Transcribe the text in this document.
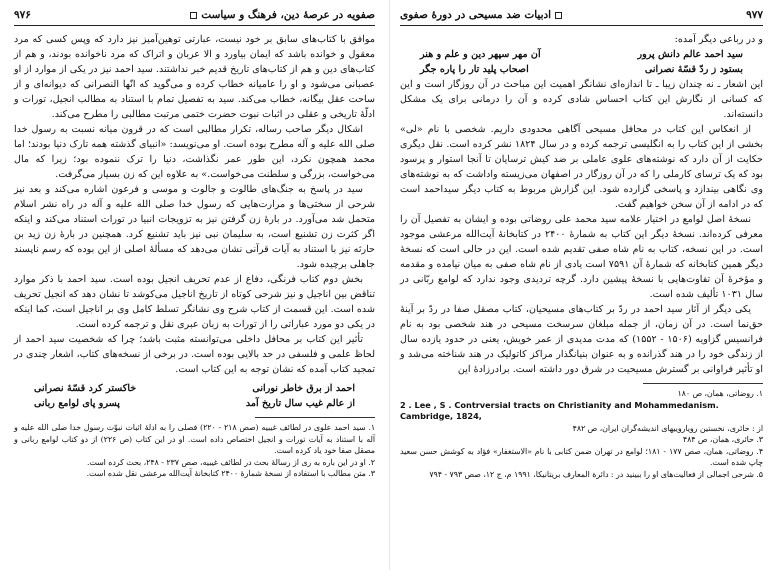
صفویه در عرصهٔ دین، فرهنگ و سیاست
۹۷۶

موافق با کتاب‌های سابق بر خود نیست، عبارتی توهین‌آمیز نیز دارد که وپس کسی که مرد معقول و خوانده باشد که ایمان بیاورد و الا عربان و اتراک که مرد ناخوانده بودند، و هم از کتاب‌های دین و هم از کتاب‌های تاریخ قدیم خبر نداشتند. سید احمد نیز در یکی از موارد از او عصبانی می‌شود و او را عامیانه خطاب کرده و می‌گوید که انّها النصرانی که دیوانه‌ای و از ساحت عقل بیگانه، خطاب می‌کند. سید به تفصیل تمام با استناد به مطالب انجیل، تورات و ادلّهٔ تاریخی و عقلی در اثبات نبوت حضرت ختمی مرتبت مطالبی را مطرح می‌کند.

اشکال دیگر صاحب رساله، تکرار مطالبی است که در قرون میانه نسبت به رسول خدا صلی الله علیه و آله مطرح بوده است. او می‌نویسد: «انبیای گذشته همه تارک دنیا بودند؛ اما محمد همچون نکرد، این طور عمر نگذاشت، دنیا را ترک ننموده بود؛ زیرا که مال می‌خواست، بزرگی و سلطنت می‌خواست.» به علاوه این که زن بسیار می‌گرفت.

سید در پاسخ به جنگ‌های طالوت و جالوت و موسی و فرعون اشاره می‌کند و بعد نیز شرحی از سختی‌ها و مرارت‌هایی که رسول خدا صلی الله علیه و آله در راه نشر اسلام متحمل شد می‌آورد. در بارهٔ زن گرفتن نیز به تزویجات انبیا در تورات استناد می‌کند و اینکه اگر کثرت زن تشنیع است، به سلیمان نبی نیز باید تشنیع کرد. همچنین در بارهٔ زن زید بن حارثه نیز با استناد به آیات قرآنی نشان می‌دهد که مسألهٔ اصلی از این بوده که رسم ناپسند جاهلی برچیده شود.

بخش دوم کتاب فرنگی، دفاع از عدم تحریف انجیل بوده است. سید احمد با ذکر موارد تناقض بین اناجیل و نیز شرحی کوتاه از تاریخ اناجیل می‌کوشد تا نشان دهد که انجیل تحریف شده است. این قسمت از کتاب شرح وی نشانگر تسلط کامل وی بر اناجیل است، کما اینکه در یکی دو مورد عباراتی را از تورات به زبان عبری نقل و ترجمه کرده است.

تأثیر این کتاب بر محافل داخلی می‌توانسته مثبت باشد؛ چرا که شخصیت سید احمد از لحاظ علمی و فلسفی در حد بالایی بوده است. در برخی از نسخه‌های کتاب، اشعار چندی در تمجید کتاب آمده که نشان توجه به این کتاب است.

احمد از برق خاطر نورانی
خاکستر کرد قسّهٔ نصرانی
از عالم غیب سال تاریخ آمد
پسرو پای لوامع ربانی

۱. سید احمد علوی در لطائف غیبیه (صص ۲۱۸ - ۲۲۰) فصلی را به ادلهٔ اثبات نبوّت رسول خدا صلی الله علیه و آله با استناد به آیات تورات و انجیل اختصاص داده است. او در این کتاب (ص ۲۲۶) از دو کتاب لوامع ربانی و مصقل صفا خود یاد کرده است.

۲. او در این باره به ری از رسالهٔ بحث در لطائف غیبیه، صص ۲۳۷ - ۲۴۸، بحث کرده است.

۳. متن مطالب با استفاده از نسخهٔ شمارهٔ ۲۴۰۰ کتابخانهٔ آیت‌الله مرعشی نقل شده است.

۹۷۷
ادبیات ضد مسیحی در دورهٔ صفوی

و در رباعی دیگر آمده:

سید احمد عالم دانش پرور
آن مهر سپهر دین و علم و هنر
بستود ز ردّ قسّهٔ نصرانی
اصحاب پلید تار را پاره جگر

این اشعار ـ نه چندان زیبا ـ تا اندازه‌ای نشانگر اهمیت این مباحث در آن روزگار است و این که کسانی از نگارش این کتاب احساس شادی کرده و آن را درمانی برای یک مشکل دانسته‌اند.

از انعکاس این کتاب در محافل مسیحی آگاهی محدودی داریم. شخصی با نام «لی» بخشی از این کتاب را به انگلیسی ترجمه کرده و در سال ۱۸۲۴ نشر کرده است. نقل دیگری حکایت از آن دارد که نوشته‌های علوی عاملی بر ضد کیش ترسایان تا آنجا استوار و پرسود بود که یک ترسای کارملی را که در آن روزگار در اصفهان می‌زیسته واداشت که به نوشته‌های وی نگاهی بیندازد و پاسخی گزارده شود. این گزارش مربوط به کتاب دیگر سیداحمد است که در ادامه از آن سخن خواهیم گفت.

نسخهٔ اصل لوامع در اختیار علامه سید محمد علی روضاتی بوده و ایشان به تفصیل آن را معرفی کرده‌اند. نسخهٔ دیگر این کتاب به شمارهٔ ۲۴۰۰ در کتابخانهٔ آیت‌الله مرعشی موجود است. در این نسخه، کتاب به نام شاه صفی تقدیم شده است. این در حالی است که نسخهٔ دیگر همین کتابخانه که شمارهٔ آن ۷۵۹۱ است یادی از نام شاه صفی به میان نیامده و مقدمه و مؤخرهٔ آن تفاوت‌هایی با نسخهٔ پیشین دارد. گرچه تردیدی وجود ندارد که لوامع ربّانی در سال ۱۰۳۱ تألیف شده است.

یکی دیگر از آثار سید احمد در ردّ بر کتاب‌های مسیحیان، کتاب مصقل صفا در ردّ بر آینهٔ حق‌نما است. در آن زمان، از جمله مبلغان سرسخت مسیحی در هند شخصی بود به نام فرانسیس گزاویه (۱۵۰۶ - ۱۵۵۲) که مدت مدیدی از عمر خویش، یعنی در حدود یازده سال از زندگی خود را در هند گذرانده و به عنوان بنیانگذار مراکز کاتولیک در هند شناخته می‌شد و او تأثیر فراوانی بر گسترش مسیحیت در شرق دور داشته است. برادرزادهٔ این

۱. روضاتی، همان، ص ۱۸۰

2 . Lee , S . Contrversial tracts on Christianity and Mohammedanism. Cambridge, 1824,

از : حائری، نخستین رویاروییهای اندیشه‌گران ایران، ص ۴۸۲

۳. حائری، همان، ص ۴۸۴

۴. روضاتی، همان، صص ۱۷۷ - ۱۸۱؛ لوامع در تهران ضمن کتابی با نام «الاستغفار» فؤاد به کوشش حسن سعید چاپ شده است.

۵. شرحی اجمالی از فعالیت‌های او را ببینید در : دائرة المعارف بریتانیکا، ۱۹۹۱ م، ج ۱۲، صص ۷۹۳ - ۷۹۴
